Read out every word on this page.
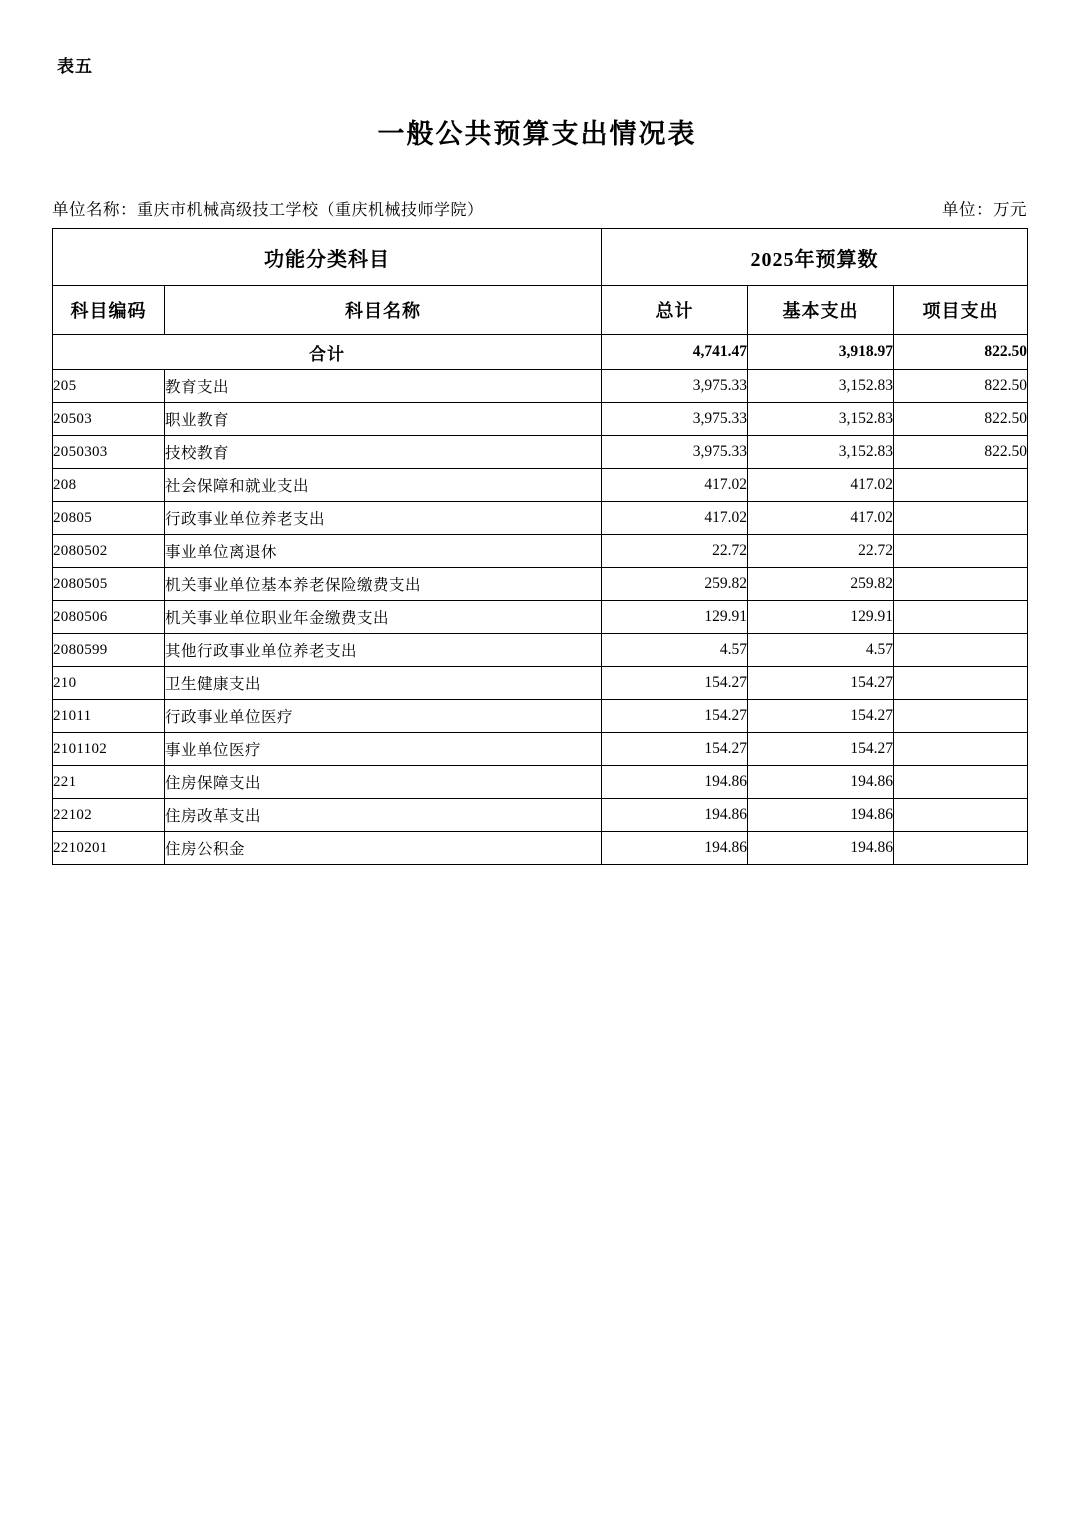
表五
一般公共预算支出情况表
单位名称：重庆市机械高级技工学校（重庆机械技师学院）	单位：万元
功能分类科目		2025年预算数		
科目编码	科目名称	总计	基本支出	项目支出
合计		4,741.47	3,918.97	822.50
205	教育支出	3,975.33	3,152.83	822.50
20503	职业教育	3,975.33	3,152.83	822.50
2050303	技校教育	3,975.33	3,152.83	822.50
208	社会保障和就业支出	417.02	417.02	
20805	行政事业单位养老支出	417.02	417.02	
2080502	事业单位离退休	22.72	22.72	
2080505	机关事业单位基本养老保险缴费支出	259.82	259.82	
2080506	机关事业单位职业年金缴费支出	129.91	129.91	
2080599	其他行政事业单位养老支出	4.57	4.57	
210	卫生健康支出	154.27	154.27	
21011	行政事业单位医疗	154.27	154.27	
2101102	事业单位医疗	154.27	154.27	
221	住房保障支出	194.86	194.86	
22102	住房改革支出	194.86	194.86	
2210201	住房公积金	194.86	194.86	
